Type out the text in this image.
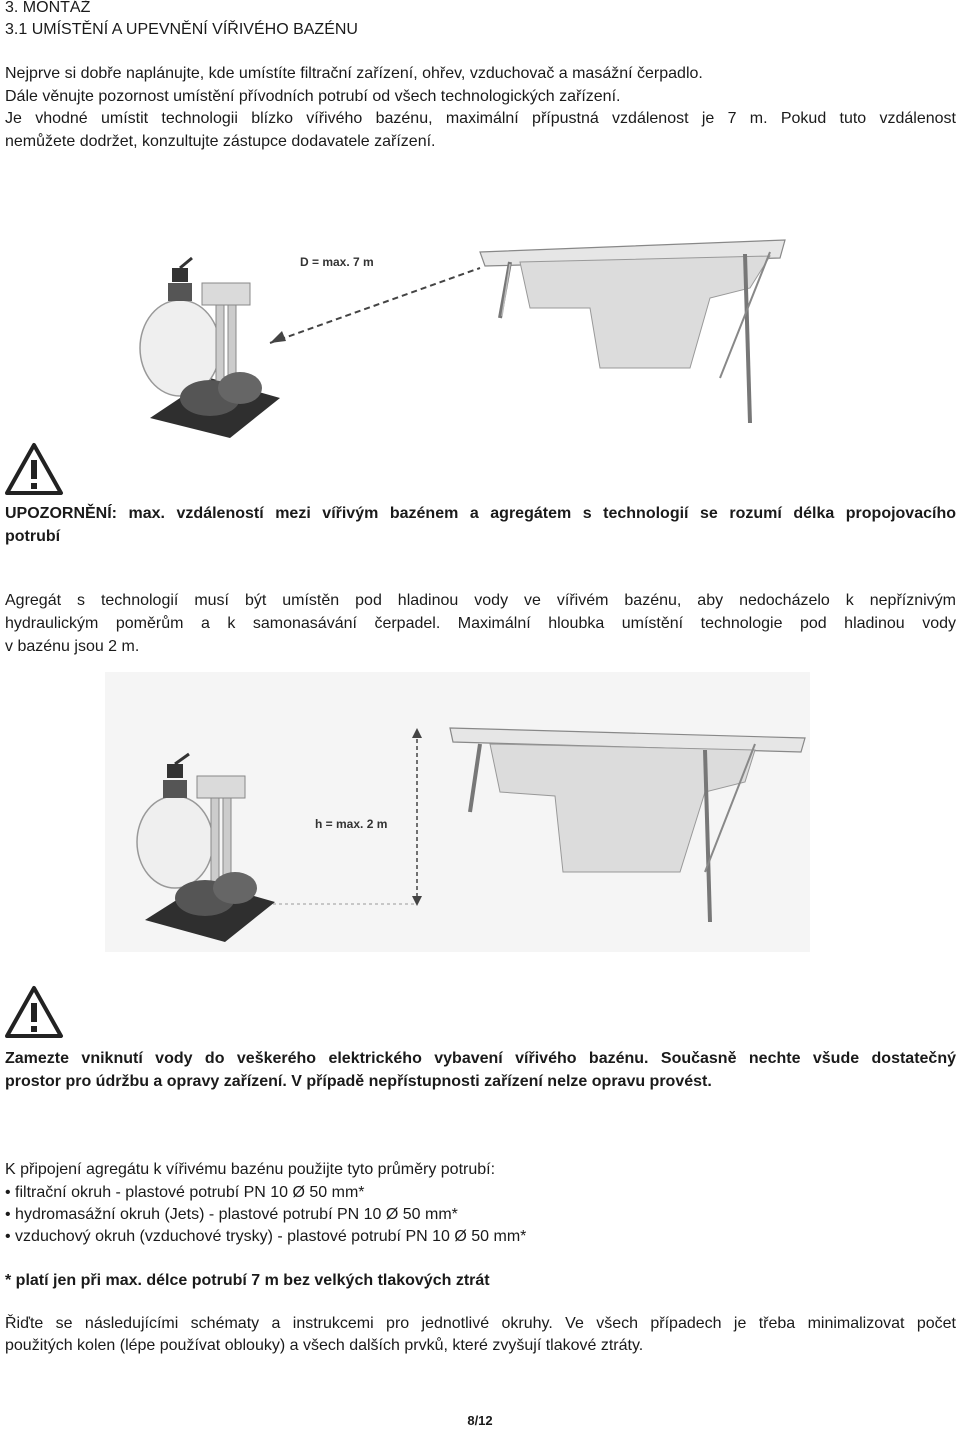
3. MONTÁŽ
3.1 UMÍSTĚNÍ A UPEVNĚNÍ VÍŘIVÉHO BAZÉNU
Nejprve si dobře naplánujte, kde umístíte filtrační zařízení, ohřev, vzduchovač a masážní čerpadlo.
Dále věnujte pozornost umístění přívodních potrubí od všech technologických zařízení.
Je vhodné umístit technologii blízko vířivého bazénu, maximální přípustná vzdálenost je 7 m. Pokud tuto vzdálenost
nemůžete dodržet, konzultujte zástupce dodavatele zařízení.
D = max. 7 m
UPOZORNĚNÍ: max. vzdáleností mezi vířivým bazénem a agregátem s technologií se rozumí délka propojovacího
potrubí
Agregát s technologií musí být umístěn pod hladinou vody ve vířivém bazénu, aby nedocházelo k nepříznivým
hydraulickým poměrům a k samonasávání čerpadel. Maximální hloubka umístění technologie pod hladinou vody
v bazénu jsou 2 m.
h = max. 2 m
Zamezte vniknutí vody do veškerého elektrického vybavení vířivého bazénu. Současně nechte všude dostatečný
prostor pro údržbu a opravy zařízení. V případě nepřístupnosti zařízení nelze opravu provést.
K připojení agregátu k vířivému bazénu použijte tyto průměry potrubí:
• filtrační okruh - plastové potrubí PN 10 Ø 50 mm*
• hydromasážní okruh (Jets) - plastové potrubí PN 10 Ø 50 mm*
• vzduchový okruh (vzduchové trysky) - plastové potrubí PN 10 Ø 50 mm*
* platí jen při max. délce potrubí 7 m bez velkých tlakových ztrát
Řiďte se následujícími schématy a instrukcemi pro jednotlivé okruhy. Ve všech případech je třeba minimalizovat počet
použitých kolen (lépe používat oblouky) a všech dalších prvků, které zvyšují tlakové ztráty.
8/12
